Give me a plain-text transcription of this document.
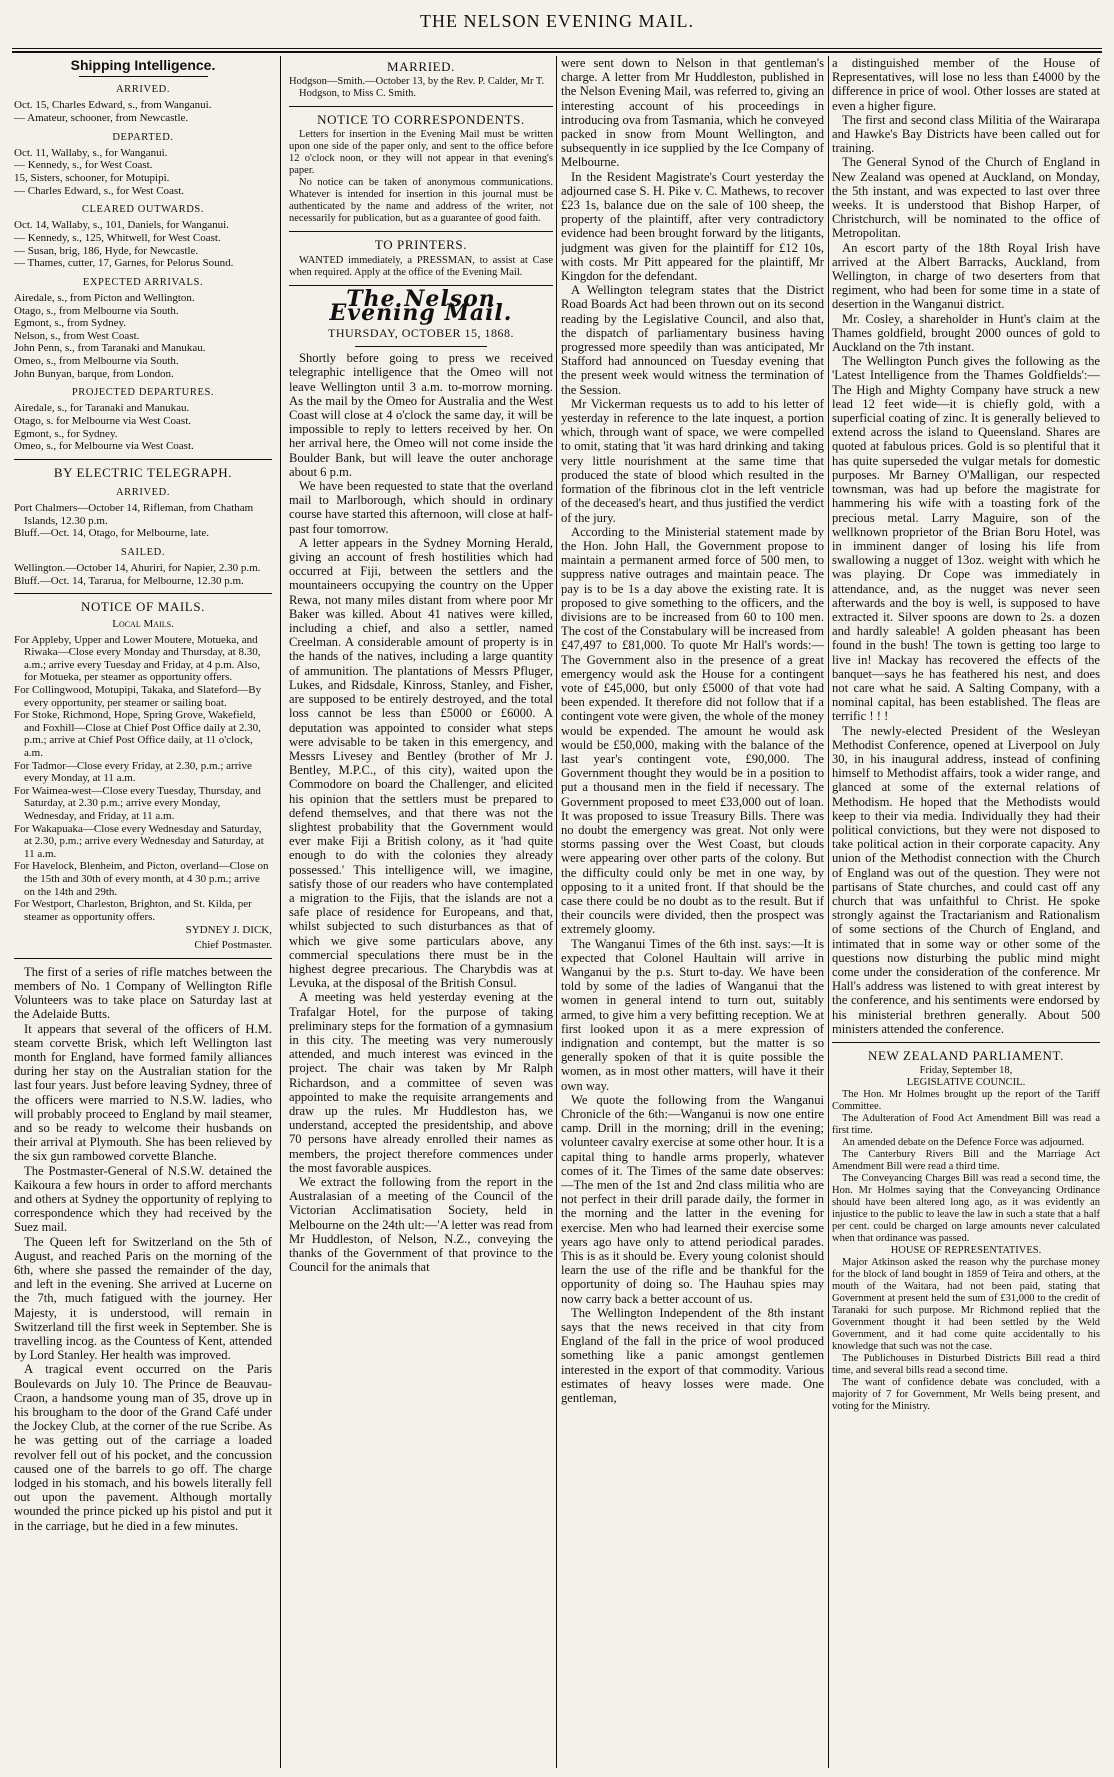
THE NELSON EVENING MAIL.
Shipping Intelligence.
ARRIVED.
Oct. 15, Charles Edward, s., from Wanganui.
— Amateur, schooner, from Newcastle.
DEPARTED.
Oct. 11, Wallaby, s., for Wanganui.
— Kennedy, s., for West Coast.
15, Sisters, schooner, for Motupipi.
— Charles Edward, s., for West Coast.
CLEARED OUTWARDS.
Oct. 14, Wallaby, s., 101, Daniels, for Wanganui.
— Kennedy, s., 125, Whitwell, for West Coast.
— Susan, brig, 186, Hyde, for Newcastle.
— Thames, cutter, 17, Garnes, for Pelorus Sound.
EXPECTED ARRIVALS.
Airedale, s., from Picton and Wellington.
Otago, s., from Melbourne via South.
Egmont, s., from Sydney.
Nelson, s., from West Coast.
John Penn, s., from Taranaki and Manukau.
Omeo, s., from Melbourne via South.
John Bunyan, barque, from London.
PROJECTED DEPARTURES.
Airedale, s., for Taranaki and Manukau.
Otago, s. for Melbourne via West Coast.
Egmont, s., for Sydney.
Omeo, s., for Melbourne via West Coast.
BY ELECTRIC TELEGRAPH.
ARRIVED.
Port Chalmers—October 14, Rifleman, from Chatham Islands, 12.30 p.m.
Bluff.—Oct. 14, Otago, for Melbourne, late.
SAILED.
Wellington.—October 14, Ahuriri, for Napier, 2.30 p.m.
Bluff.—Oct. 14, Tararua, for Melbourne, 12.30 p.m.
NOTICE OF MAILS.
Local Mails.
For Appleby, Upper and Lower Moutere, Motueka, and Riwaka—Close every Monday and Thursday, at 8.30, a.m.; arrive every Tuesday and Friday, at 4 p.m. Also, for Motueka, per steamer as opportunity offers.
For Collingwood, Motupipi, Takaka, and Slateford—By every opportunity, per steamer or sailing boat.
For Stoke, Richmond, Hope, Spring Grove, Wakefield, and Foxhill—Close at Chief Post Office daily at 2.30, p.m.; arrive at Chief Post Office daily, at 11 o'clock, a.m.
For Tadmor—Close every Friday, at 2.30, p.m.; arrive every Monday, at 11 a.m.
For Waimea-west—Close every Tuesday, Thursday, and Saturday, at 2.30 p.m.; arrive every Monday, Wednesday, and Friday, at 11 a.m.
For Wakapuaka—Close every Wednesday and Saturday, at 2.30, p.m.; arrive every Wednesday and Saturday, at 11 a.m.
For Havelock, Blenheim, and Picton, overland—Close on the 15th and 30th of every month, at 4 30 p.m.; arrive on the 14th and 29th.
For Westport, Charleston, Brighton, and St. Kilda, per steamer as opportunity offers.
SYDNEY J. DICK,
Chief Postmaster.

The first of a series of rifle matches between the members of No. 1 Company of Wellington Rifle Volunteers was to take place on Saturday last at the Adelaide Butts.

It appears that several of the officers of H.M. steam corvette Brisk, which left Wellington last month for England, have formed family alliances during her stay on the Australian station for the last four years. Just before leaving Sydney, three of the officers were married to N.S.W. ladies, who will probably proceed to England by mail steamer, and so be ready to welcome their husbands on their arrival at Plymouth. She has been relieved by the six gun rambowed corvette Blanche.

The Postmaster-General of N.S.W. detained the Kaikoura a few hours in order to afford merchants and others at Sydney the opportunity of replying to correspondence which they had received by the Suez mail.

The Queen left for Switzerland on the 5th of August, and reached Paris on the morning of the 6th, where she passed the remainder of the day, and left in the evening. She arrived at Lucerne on the 7th, much fatigued with the journey. Her Majesty, it is understood, will remain in Switzerland till the first week in September. She is travelling incog. as the Countess of Kent, attended by Lord Stanley. Her health was improved.

A tragical event occurred on the Paris Boulevards on July 10. The Prince de Beauvau-Craon, a handsome young man of 35, drove up in his brougham to the door of the Grand Café under the Jockey Club, at the corner of the rue Scribe. As he was getting out of the carriage a loaded revolver fell out of his pocket, and the concussion caused one of the barrels to go off. The charge lodged in his stomach, and his bowels literally fell out upon the pavement. Although mortally wounded the prince picked up his pistol and put it in the carriage, but he died in a few minutes.

MARRIED.
Hodgson—Smith.—October 13, by the Rev. P. Calder, Mr T. Hodgson, to Miss C. Smith.
NOTICE TO CORRESPONDENTS.

Letters for insertion in the Evening Mail must be written upon one side of the paper only, and sent to the office before 12 o'clock noon, or they will not appear in that evening's paper.

No notice can be taken of anonymous communications. Whatever is intended for insertion in this journal must be authenticated by the name and address of the writer, not necessarily for publication, but as a guarantee of good faith.

TO PRINTERS.

WANTED immediately, a PRESSMAN, to assist at Case when required. Apply at the office of the Evening Mail.

The Nelson Evening Mail.
THURSDAY, OCTOBER 15, 1868.

Shortly before going to press we received telegraphic intelligence that the Omeo will not leave Wellington until 3 a.m. to-morrow morning. As the mail by the Omeo for Australia and the West Coast will close at 4 o'clock the same day, it will be impossible to reply to letters received by her. On her arrival here, the Omeo will not come inside the Boulder Bank, but will leave the outer anchorage about 6 p.m.

We have been requested to state that the overland mail to Marlborough, which should in ordinary course have started this afternoon, will close at half-past four tomorrow.

A letter appears in the Sydney Morning Herald, giving an account of fresh hostilities which had occurred at Fiji, between the settlers and the mountaineers occupying the country on the Upper Rewa, not many miles distant from where poor Mr Baker was killed. About 41 natives were killed, including a chief, and also a settler, named Creelman. A considerable amount of property is in the hands of the natives, including a large quantity of ammunition. The plantations of Messrs Pfluger, Lukes, and Ridsdale, Kinross, Stanley, and Fisher, are supposed to be entirely destroyed, and the total loss cannot be less than £5000 or £6000. A deputation was appointed to consider what steps were advisable to be taken in this emergency, and Messrs Livesey and Bentley (brother of Mr J. Bentley, M.P.C., of this city), waited upon the Commodore on board the Challenger, and elicited his opinion that the settlers must be prepared to defend themselves, and that there was not the slightest probability that the Government would ever make Fiji a British colony, as it 'had quite enough to do with the colonies they already possessed.' This intelligence will, we imagine, satisfy those of our readers who have contemplated a migration to the Fijis, that the islands are not a safe place of residence for Europeans, and that, whilst subjected to such disturbances as that of which we give some particulars above, any commercial speculations there must be in the highest degree precarious. The Charybdis was at Levuka, at the disposal of the British Consul.

A meeting was held yesterday evening at the Trafalgar Hotel, for the purpose of taking preliminary steps for the formation of a gymnasium in this city. The meeting was very numerously attended, and much interest was evinced in the project. The chair was taken by Mr Ralph Richardson, and a committee of seven was appointed to make the requisite arrangements and draw up the rules. Mr Huddleston has, we understand, accepted the presidentship, and above 70 persons have already enrolled their names as members, the project therefore commences under the most favorable auspices.

We extract the following from the report in the Australasian of a meeting of the Council of the Victorian Acclimatisation Society, held in Melbourne on the 24th ult:—'A letter was read from Mr Huddleston, of Nelson, N.Z., conveying the thanks of the Government of that province to the Council for the animals that

were sent down to Nelson in that gentleman's charge. A letter from Mr Huddleston, published in the Nelson Evening Mail, was referred to, giving an interesting account of his proceedings in introducing ova from Tasmania, which he conveyed packed in snow from Mount Wellington, and subsequently in ice supplied by the Ice Company of Melbourne.

In the Resident Magistrate's Court yesterday the adjourned case S. H. Pike v. C. Mathews, to recover £23 1s, balance due on the sale of 100 sheep, the property of the plaintiff, after very contradictory evidence had been brought forward by the litigants, judgment was given for the plaintiff for £12 10s, with costs. Mr Pitt appeared for the plaintiff, Mr Kingdon for the defendant.

A Wellington telegram states that the District Road Boards Act had been thrown out on its second reading by the Legislative Council, and also that, the dispatch of parliamentary business having progressed more speedily than was anticipated, Mr Stafford had announced on Tuesday evening that the present week would witness the termination of the Session.

Mr Vickerman requests us to add to his letter of yesterday in reference to the late inquest, a portion which, through want of space, we were compelled to omit, stating that 'it was hard drinking and taking very little nourishment at the same time that produced the state of blood which resulted in the formation of the fibrinous clot in the left ventricle of the deceased's heart, and thus justified the verdict of the jury.

According to the Ministerial statement made by the Hon. John Hall, the Government propose to maintain a permanent armed force of 500 men, to suppress native outrages and maintain peace. The pay is to be 1s a day above the existing rate. It is proposed to give something to the officers, and the divisions are to be increased from 60 to 100 men. The cost of the Constabulary will be increased from £47,497 to £81,000. To quote Mr Hall's words:—The Government also in the presence of a great emergency would ask the House for a contingent vote of £45,000, but only £5000 of that vote had been expended. It therefore did not follow that if a contingent vote were given, the whole of the money would be expended. The amount he would ask would be £50,000, making with the balance of the last year's contingent vote, £90,000. The Government thought they would be in a position to put a thousand men in the field if necessary. The Government proposed to meet £33,000 out of loan. It was proposed to issue Treasury Bills. There was no doubt the emergency was great. Not only were storms passing over the West Coast, but clouds were appearing over other parts of the colony. But the difficulty could only be met in one way, by opposing to it a united front. If that should be the case there could be no doubt as to the result. But if their councils were divided, then the prospect was extremely gloomy.

The Wanganui Times of the 6th inst. says:—It is expected that Colonel Haultain will arrive in Wanganui by the p.s. Sturt to-day. We have been told by some of the ladies of Wanganui that the women in general intend to turn out, suitably armed, to give him a very befitting reception. We at first looked upon it as a mere expression of indignation and contempt, but the matter is so generally spoken of that it is quite possible the women, as in most other matters, will have it their own way.

We quote the following from the Wanganui Chronicle of the 6th:—Wanganui is now one entire camp. Drill in the morning; drill in the evening; volunteer cavalry exercise at some other hour. It is a capital thing to handle arms properly, whatever comes of it. The Times of the same date observes:—The men of the 1st and 2nd class militia who are not perfect in their drill parade daily, the former in the morning and the latter in the evening for exercise. Men who had learned their exercise some years ago have only to attend periodical parades. This is as it should be. Every young colonist should learn the use of the rifle and be thankful for the opportunity of doing so. The Hauhau spies may now carry back a better account of us.

The Wellington Independent of the 8th instant says that the news received in that city from England of the fall in the price of wool produced something like a panic amongst gentlemen interested in the export of that commodity. Various estimates of heavy losses were made. One gentleman,

a distinguished member of the House of Representatives, will lose no less than £4000 by the difference in price of wool. Other losses are stated at even a higher figure.

The first and second class Militia of the Wairarapa and Hawke's Bay Districts have been called out for training.

The General Synod of the Church of England in New Zealand was opened at Auckland, on Monday, the 5th instant, and was expected to last over three weeks. It is understood that Bishop Harper, of Christchurch, will be nominated to the office of Metropolitan.

An escort party of the 18th Royal Irish have arrived at the Albert Barracks, Auckland, from Wellington, in charge of two deserters from that regiment, who had been for some time in a state of desertion in the Wanganui district.

Mr. Cosley, a shareholder in Hunt's claim at the Thames goldfield, brought 2000 ounces of gold to Auckland on the 7th instant.

The Wellington Punch gives the following as the 'Latest Intelligence from the Thames Goldfields':—The High and Mighty Company have struck a new lead 12 feet wide—it is chiefly gold, with a superficial coating of zinc. It is generally believed to extend across the island to Queensland. Shares are quoted at fabulous prices. Gold is so plentiful that it has quite superseded the vulgar metals for domestic purposes. Mr Barney O'Malligan, our respected townsman, was had up before the magistrate for hammering his wife with a toasting fork of the precious metal. Larry Maguire, son of the wellknown proprietor of the Brian Boru Hotel, was in imminent danger of losing his life from swallowing a nugget of 13oz. weight with which he was playing. Dr Cope was immediately in attendance, and, as the nugget was never seen afterwards and the boy is well, is supposed to have extracted it. Silver spoons are down to 2s. a dozen and hardly saleable! A golden pheasant has been found in the bush! The town is getting too large to live in! Mackay has recovered the effects of the banquet—says he has feathered his nest, and does not care what he said. A Salting Company, with a nominal capital, has been established. The fleas are terrific ! ! !

The newly-elected President of the Wesleyan Methodist Conference, opened at Liverpool on July 30, in his inaugural address, instead of confining himself to Methodist affairs, took a wider range, and glanced at some of the external relations of Methodism. He hoped that the Methodists would keep to their via media. Individually they had their political convictions, but they were not disposed to take political action in their corporate capacity. Any union of the Methodist connection with the Church of England was out of the question. They were not partisans of State churches, and could cast off any church that was unfaithful to Christ. He spoke strongly against the Tractarianism and Rationalism of some sections of the Church of England, and intimated that in some way or other some of the questions now disturbing the public mind might come under the consideration of the conference. Mr Hall's address was listened to with great interest by the conference, and his sentiments were endorsed by his ministerial brethren generally. About 500 ministers attended the conference.

NEW ZEALAND PARLIAMENT.
Friday, September 18,
LEGISLATIVE COUNCIL.

The Hon. Mr Holmes brought up the report of the Tariff Committee.

The Adulteration of Food Act Amendment Bill was read a first time.

An amended debate on the Defence Force was adjourned.

The Canterbury Rivers Bill and the Marriage Act Amendment Bill were read a third time.

The Conveyancing Charges Bill was read a second time, the Hon. Mr Holmes saying that the Conveyancing Ordinance should have been altered long ago, as it was evidently an injustice to the public to leave the law in such a state that a half per cent. could be charged on large amounts never calculated when that ordinance was passed.

HOUSE OF REPRESENTATIVES.

Major Atkinson asked the reason why the purchase money for the block of land bought in 1859 of Teira and others, at the mouth of the Waitara, had not been paid, stating that Government at present held the sum of £31,000 to the credit of Taranaki for such purpose. Mr Richmond replied that the Government thought it had been settled by the Weld Government, and it had come quite accidentally to his knowledge that such was not the case.

The Publichouses in Disturbed Districts Bill read a third time, and several bills read a second time.

The want of confidence debate was concluded, with a majority of 7 for Government, Mr Wells being present, and voting for the Ministry.
